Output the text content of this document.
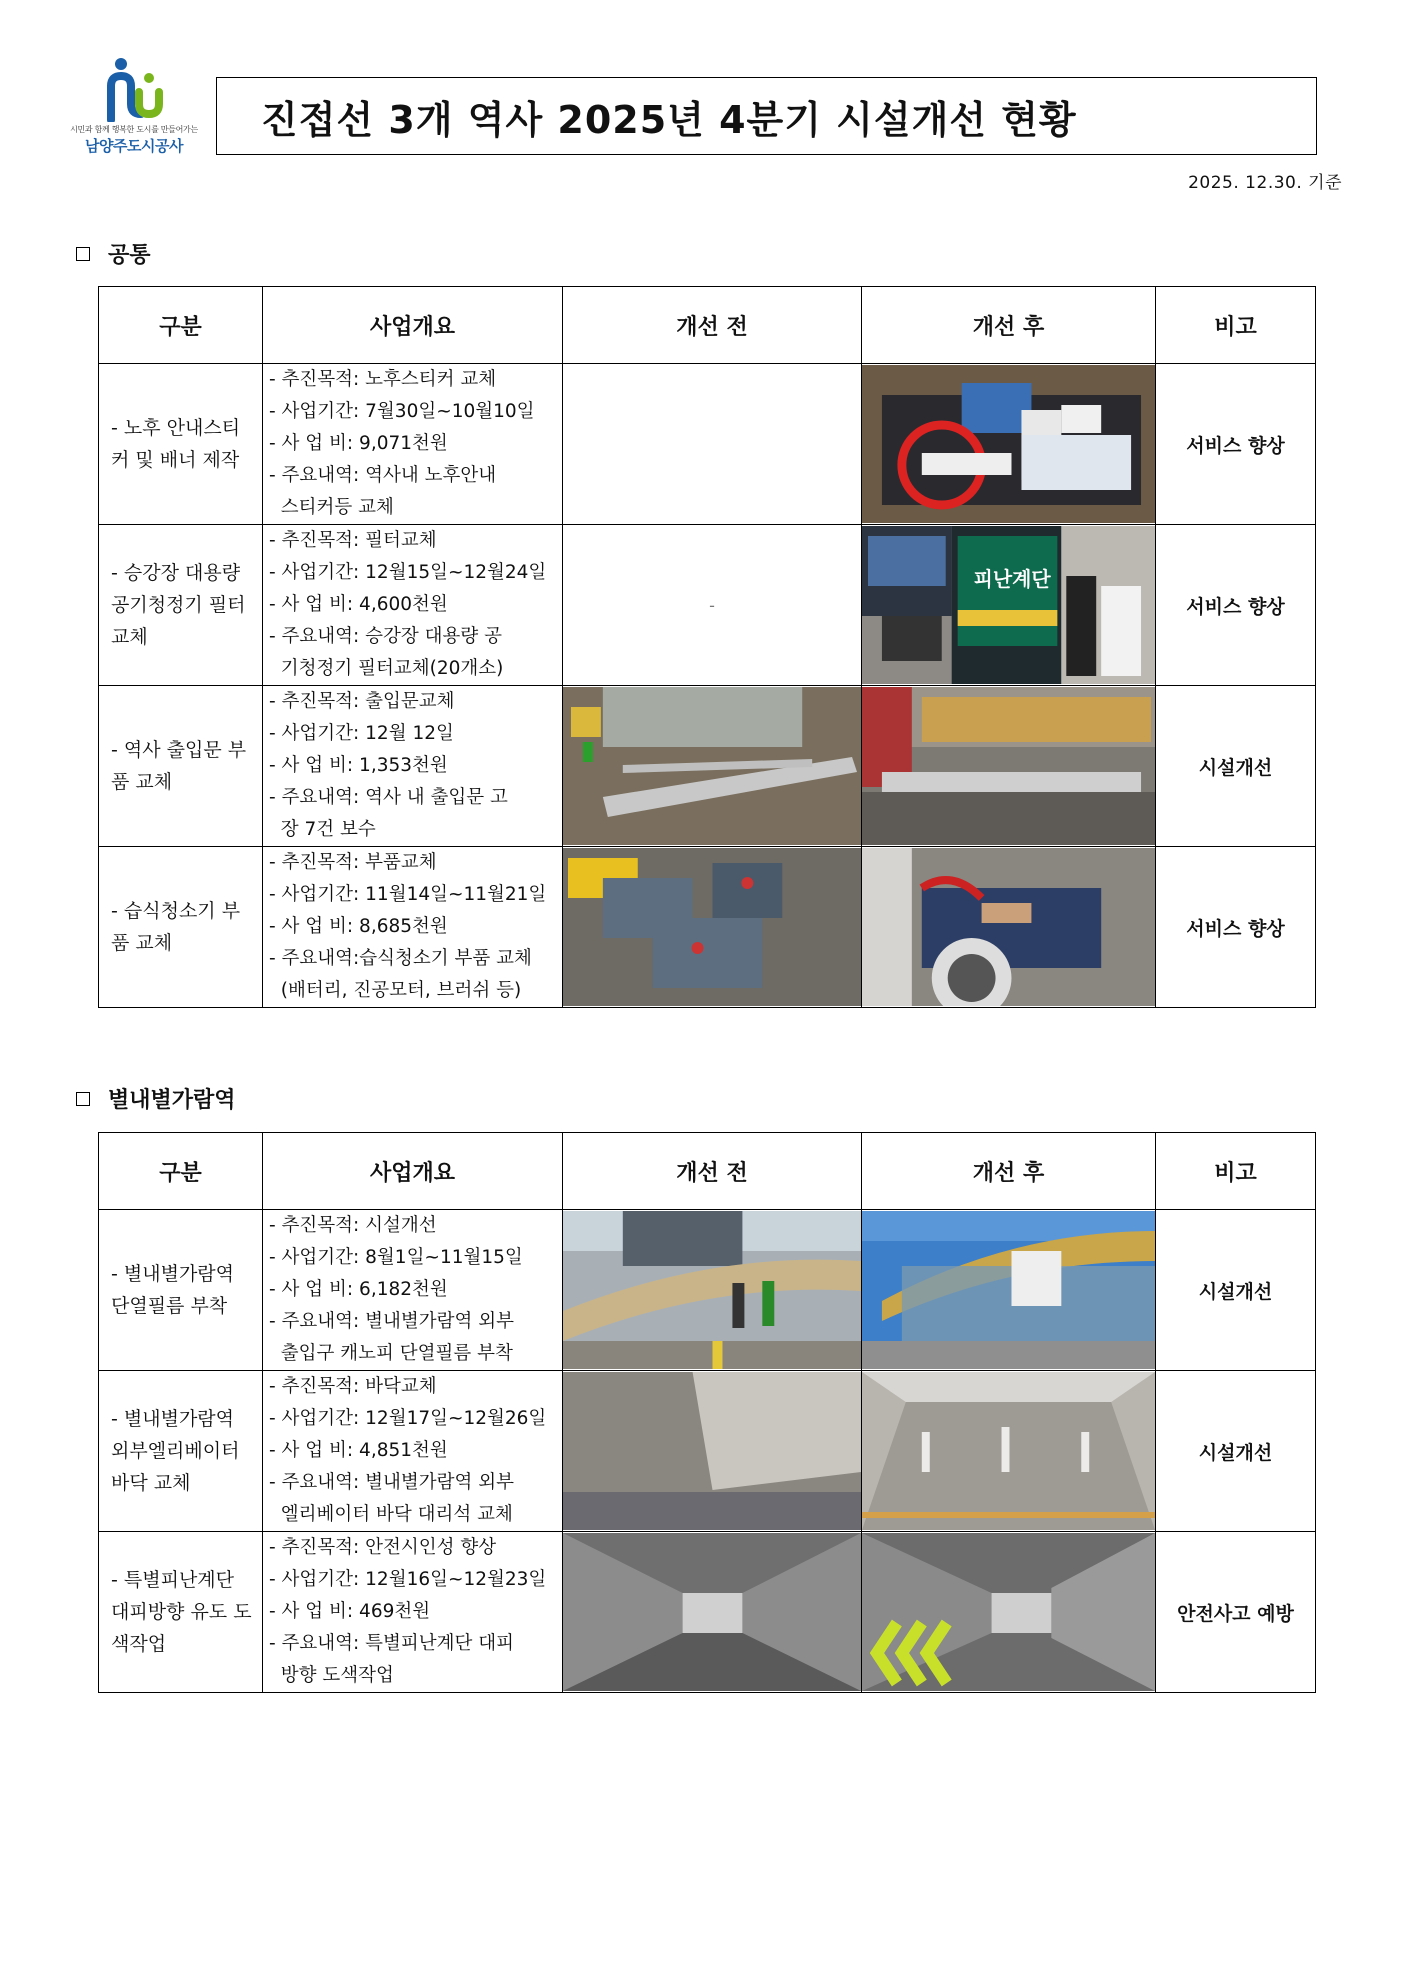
시민과 함께 행복한 도시를 만들어가는
남양주도시공사
진접선 3개 역사 2025년 4분기 시설개선 현황
2025. 12.30. 기준
공통
구분	사업개요	개선 전	개선 후	비고
- 노후 안내스티커 및 배너 제작	- 추진목적: 노후스티커 교체
- 사업기간: 7월30일~10월10일
- 사 업 비: 9,071천원
- 주요내역: 역사내 노후안내
스티커등 교체			서비스 향상
- 승강장 대용량 공기청정기 필터 교체	- 추진목적: 필터교체
- 사업기간: 12월15일~12월24일
- 사 업 비: 4,600천원
- 주요내역: 승강장 대용량 공
기청정기 필터교체(20개소)	-	피난계단	서비스 향상
- 역사 출입문 부품 교체	- 추진목적: 출입문교체
- 사업기간: 12월 12일
- 사 업 비: 1,353천원
- 주요내역: 역사 내 출입문 고
장 7건 보수			시설개선
- 습식청소기 부품 교체	- 추진목적: 부품교체
- 사업기간: 11월14일~11월21일
- 사 업 비: 8,685천원
- 주요내역:습식청소기 부품 교체
(배터리, 진공모터, 브러쉬 등)			서비스 향상
별내별가람역
구분	사업개요	개선 전	개선 후	비고
- 별내별가람역 단열필름 부착	- 추진목적: 시설개선
- 사업기간: 8월1일~11월15일
- 사 업 비: 6,182천원
- 주요내역: 별내별가람역 외부
출입구 캐노피 단열필름 부착			시설개선
- 별내별가람역 외부엘리베이터 바닥 교체	- 추진목적: 바닥교체
- 사업기간: 12월17일~12월26일
- 사 업 비: 4,851천원
- 주요내역: 별내별가람역 외부
엘리베이터 바닥 대리석 교체			시설개선
- 특별피난계단 대피방향 유도 도색작업	- 추진목적: 안전시인성 향상
- 사업기간: 12월16일~12월23일
- 사 업 비: 469천원
- 주요내역: 특별피난계단 대피
방향 도색작업			안전사고 예방
